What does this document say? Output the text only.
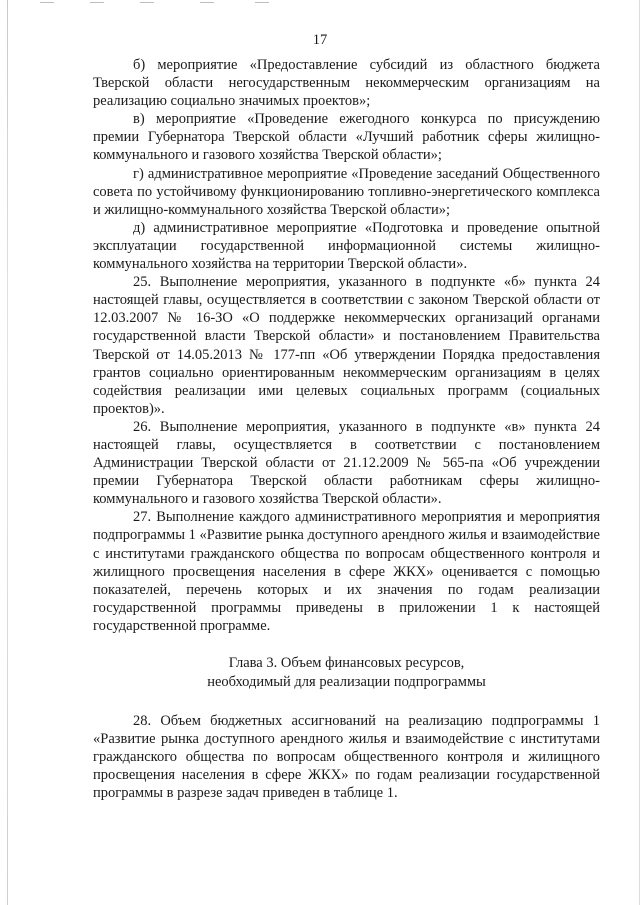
17

б) мероприятие «Предоставление субсидий из областного бюджета Тверской области негосударственным некоммерческим организациям на реализацию социально значимых проектов»;

в) мероприятие «Проведение ежегодного конкурса по присуждению премии Губернатора Тверской области «Лучший работник сферы жилищно-коммунального и газового хозяйства Тверской области»;

г) административное мероприятие «Проведение заседаний Общественного совета по устойчивому функционированию топливно-энергетического комплекса и жилищно-коммунального хозяйства Тверской области»;

д) административное мероприятие «Подготовка и проведение опытной эксплуатации государственной информационной системы жилищно-коммунального хозяйства на территории Тверской области».

25. Выполнение мероприятия, указанного в подпункте «б» пункта 24 настоящей главы, осуществляется в соответствии с законом Тверской области от 12.03.2007 № 16-ЗО «О поддержке некоммерческих организаций органами государственной власти Тверской области» и постановлением Правительства Тверской от 14.05.2013 № 177-пп «Об утверждении Порядка предоставления грантов социально ориентированным некоммерческим организациям в целях содействия реализации ими целевых социальных программ (социальных проектов)».

26. Выполнение мероприятия, указанного в подпункте «в» пункта 24 настоящей главы, осуществляется в соответствии с постановлением Администрации Тверской области от 21.12.2009 № 565-па «Об учреждении премии Губернатора Тверской области работникам сферы жилищно-коммунального и газового хозяйства Тверской области».

27. Выполнение каждого административного мероприятия и мероприятия подпрограммы 1 «Развитие рынка доступного арендного жилья и взаимодействие с институтами гражданского общества по вопросам общественного контроля и жилищного просвещения населения в сфере ЖКХ» оценивается с помощью показателей, перечень которых и их значения по годам реализации государственной программы приведены в приложении 1 к настоящей государственной программе.

Глава 3. Объем финансовых ресурсов,
необходимый для реализации подпрограммы

28. Объем бюджетных ассигнований на реализацию подпрограммы 1 «Развитие рынка доступного арендного жилья и взаимодействие с институтами гражданского общества по вопросам общественного контроля и жилищного просвещения населения в сфере ЖКХ» по годам реализации государственной программы в разрезе задач приведен в таблице 1.
